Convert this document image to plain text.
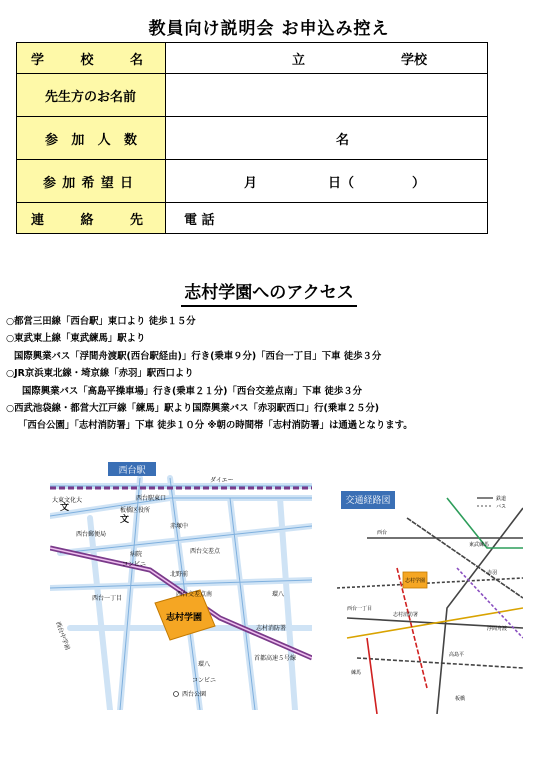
教員向け説明会 お申込み控え
学 校 名	立 学校

先生方のお名前	

参 加 人 数	名

参 加 希 望 日	月 日（ ）

連 絡 先	電 話
志村学園へのアクセス
○都営三田線「西台駅」東口より 徒歩１５分
○東武東上線「東武練馬」駅より
国際興業バス「浮間舟渡駅(西台駅経由)」行き(乗車９分)「西台一丁目」下車 徒歩３分
○JR京浜東北線・埼京線「赤羽」駅西口より
国際興業バス「高島平操車場」行き(乗車２１分)「西台交差点南」下車 徒歩３分
○西武池袋線・都営大江戸線「練馬」駅より国際興業バス「赤羽駅西口」行(乗車２５分)
「西台公園」「志村消防署」下車 徒歩１０分 ※朝の時間帯「志村消防署」は通過となります。
西台駅
西台駅東口
ダイエー
大東文化大
文	板橋区役所
文
西台郵便局
赤塚中
西台交差点
病院
北野前
コンビニ
西台一丁目
西台交差点南
志村学園
志村消防署
環八
首都高速５号線
西台中学前
環八
コンビニ
西台公園
交通経路図	鉄道
バス
志村学園
東武練馬
西台
赤羽
志村消防署
西台一丁目
高島平
浮間舟渡
練馬
板橋
